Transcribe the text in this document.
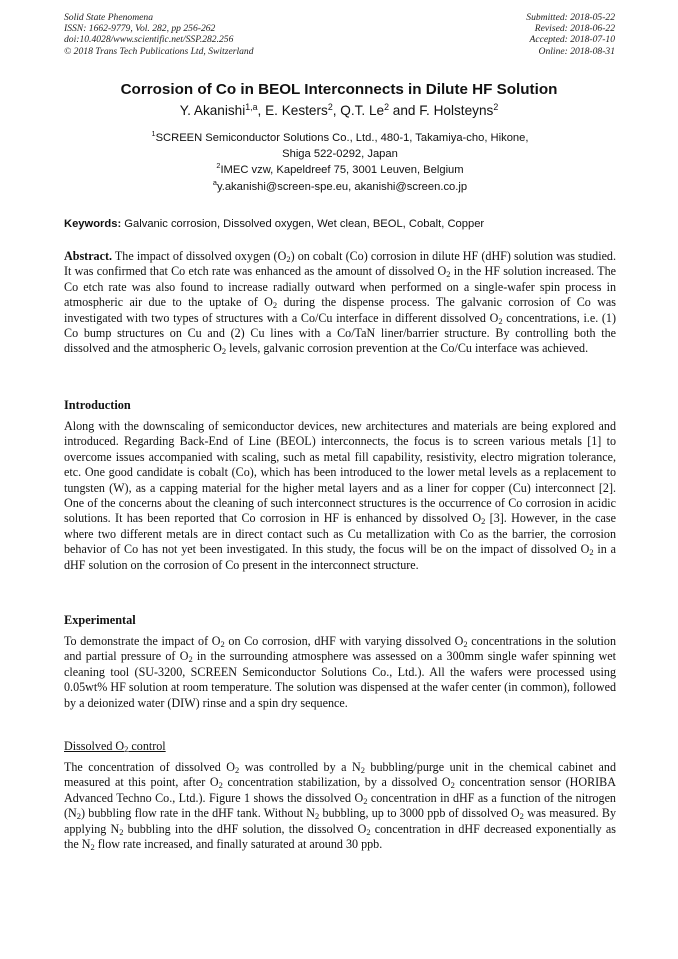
Solid State Phenomena
ISSN: 1662-9779, Vol. 282, pp 256-262
doi:10.4028/www.scientific.net/SSP.282.256
© 2018 Trans Tech Publications Ltd, Switzerland
Submitted: 2018-05-22
Revised: 2018-06-22
Accepted: 2018-07-10
Online: 2018-08-31
Corrosion of Co in BEOL Interconnects in Dilute HF Solution
Y. Akanishi$^{1,a}$, E. Kesters$^2$, Q.T. Le$^2$ and F. Holsteyns$^2$
$^1$SCREEN Semiconductor Solutions Co., Ltd., 480-1, Takamiya-cho, Hikone,
Shiga 522-0292, Japan
$^2$IMEC vzw, Kapeldreef 75, 3001 Leuven, Belgium
$^a$y.akanishi@screen-spe.eu, akanishi@screen.co.jp
Keywords: Galvanic corrosion, Dissolved oxygen, Wet clean, BEOL, Cobalt, Copper
Abstract. The impact of dissolved oxygen $(O_2)$ on cobalt (Co) corrosion in dilute HF (dHF) solution was studied. It was confirmed that Co etch rate was enhanced as the amount of dissolved $O_2$ in the HF solution increased. The Co etch rate was also found to increase radially outward when performed on a single-wafer spin process in atmospheric air due to the uptake of $O_2$ during the dispense process. The galvanic corrosion of Co was investigated with two types of structures with a Co/Cu interface in different dissolved $O_2$ concentrations, i.e. (1) Co bump structures on Cu and (2) Cu lines with a Co/TaN liner/barrier structure. By controlling both the dissolved and the atmospheric $O_2$ levels, galvanic corrosion prevention at the Co/Cu interface was achieved.
Introduction
Along with the downscaling of semiconductor devices, new architectures and materials are being explored and introduced. Regarding Back-End of Line (BEOL) interconnects, the focus is to screen various metals [1] to overcome issues accompanied with scaling, such as metal fill capability, resistivity, electro migration tolerance, etc. One good candidate is cobalt (Co), which has been introduced to the lower metal levels as a replacement to tungsten (W), as a capping material for the higher metal layers and as a liner for copper (Cu) interconnect [2]. One of the concerns about the cleaning of such interconnect structures is the occurrence of Co corrosion in acidic solutions. It has been reported that Co corrosion in HF is enhanced by dissolved $O_2$ [3]. However, in the case where two different metals are in direct contact such as Cu metallization with Co as the barrier, the corrosion behavior of Co has not yet been investigated. In this study, the focus will be on the impact of dissolved $O_2$ in a dHF solution on the corrosion of Co present in the interconnect structure.
Experimental
To demonstrate the impact of $O_2$ on Co corrosion, dHF with varying dissolved $O_2$ concentrations in the solution and partial pressure of $O_2$ in the surrounding atmosphere was assessed on a 300mm single wafer spinning wet cleaning tool (SU-3200, SCREEN Semiconductor Solutions Co., Ltd.). All the wafers were processed using 0.05wt% HF solution at room temperature. The solution was dispensed at the wafer center (in common), followed by a deionized water (DIW) rinse and a spin dry sequence.
Dissolved $O_2$ control
The concentration of dissolved $O_2$ was controlled by a $N_2$ bubbling/purge unit in the chemical cabinet and measured at this point, after $O_2$ concentration stabilization, by a dissolved $O_2$ concentration sensor (HORIBA Advanced Techno Co., Ltd.). Figure 1 shows the dissolved $O_2$ concentration in dHF as a function of the nitrogen $(N_2)$ bubbling flow rate in the dHF tank. Without $N_2$ bubbling, up to 3000 ppb of dissolved $O_2$ was measured. By applying $N_2$ bubbling into the dHF solution, the dissolved $O_2$ concentration in dHF decreased exponentially as the $N_2$ flow rate increased, and finally saturated at around 30 ppb.
